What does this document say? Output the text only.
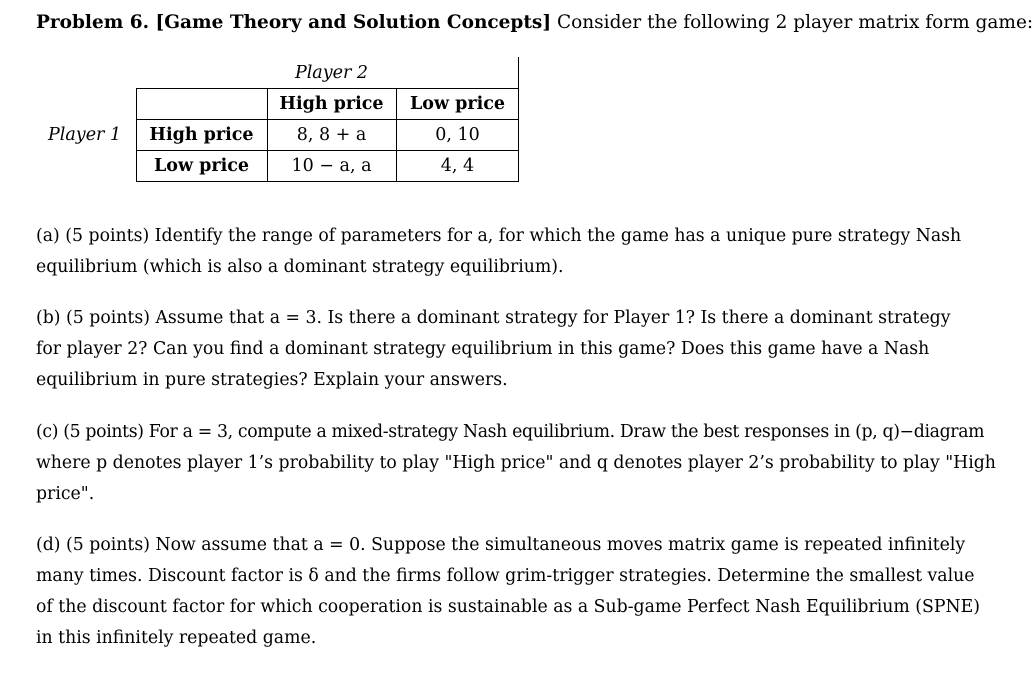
Problem 6. [Game Theory and Solution Concepts] Consider the following 2 player matrix form game:
Player 1
Player 2
High price	Low price
High price	8, 8 + a	0, 10
Low price	10 − a, a	4, 4
(a) (5 points) Identify the range of parameters for a, for which the game has a unique pure strategy Nash
equilibrium (which is also a dominant strategy equilibrium).
(b) (5 points) Assume that a = 3. Is there a dominant strategy for Player 1? Is there a dominant strategy
for player 2? Can you find a dominant strategy equilibrium in this game? Does this game have a Nash
equilibrium in pure strategies? Explain your answers.
(c) (5 points) For a = 3, compute a mixed-strategy Nash equilibrium. Draw the best responses in (p, q)−diagram
where p denotes player 1’s probability to play "High price" and q denotes player 2’s probability to play "High
price".
(d) (5 points) Now assume that a = 0. Suppose the simultaneous moves matrix game is repeated infinitely
many times. Discount factor is δ and the firms follow grim-trigger strategies. Determine the smallest value
of the discount factor for which cooperation is sustainable as a Sub-game Perfect Nash Equilibrium (SPNE)
in this infinitely repeated game.
